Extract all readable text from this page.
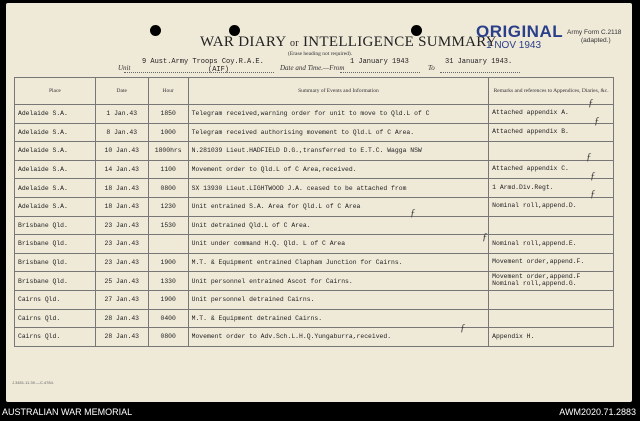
WAR DIARY or INTELLIGENCE SUMMARY
(Erase heading not required).
ORIGINAL
1 NOV 1943
Army Form C.2118
(adapted.)
Unit
9 Aust.Army Troops Coy.R.A.E.
(AIF)	Date and Time.—From
1 January 1943
To
31 January 1943.
Place	Date	Hour	Summary of Events and Information	Remarks and references to Appendices, Diaries, &c.
Adelaide S.A.	1 Jan.43	1850	Telegram received,warning order for unit to move to Qld.L of C	Attached appendix A.

Adelaide S.A.	8 Jan.43	1000	Telegram received authorising movement to Qld.L of C Area.	Attached appendix B.

Adelaide S.A.	10 Jan.43	1800hrs	N.281039 Lieut.HADFIELD D.G.,transferred to E.T.C. Wagga NSW	

Adelaide S.A.	14 Jan.43	1100	Movement order to Qld.L of C Area,received.	Attached appendix C.

Adelaide S.A.	18 Jan.43	0800	SX 13930 Lieut.LIGHTWOOD J.A. ceased to be attached from	1 Armd.Div.Regt.

Adelaide S.A.	18 Jan.43	1230	Unit entrained S.A. Area for Qld.L of C Area	Nominal roll,append.D.

Brisbane Qld.	23 Jan.43	1530	Unit detrained Qld.L of C Area.	

Brisbane Qld.	23 Jan.43		Unit under command H.Q. Qld. L of C Area	Nominal roll,append.E.

Brisbane Qld.	23 Jan.43	1900	M.T. & Equipment entrained Clapham Junction for Cairns.	Movement order,append.F.

Brisbane Qld.	25 Jan.43	1330	Unit personnel entrained Ascot for Cairns.	Movement order,append.F
Nominal roll,append.G.

Cairns Qld.	27 Jan.43	1900	Unit personnel detrained Cairns.	

Cairns Qld.	28 Jan.43	0400	M.T. & Equipment detrained Cairns.	

Cairns Qld.	28 Jan.43	0800	Movement order to Adv.Sch.L.H.Q.Yungaburra,received.	Appendix H.
ƒ
ƒ
ƒ
ƒ
ƒ
ƒ
ƒ
ƒ
J.3451.11.39.—C.4784.
AUSTRALIAN WAR MEMORIAL	AWM2020.71.2883
